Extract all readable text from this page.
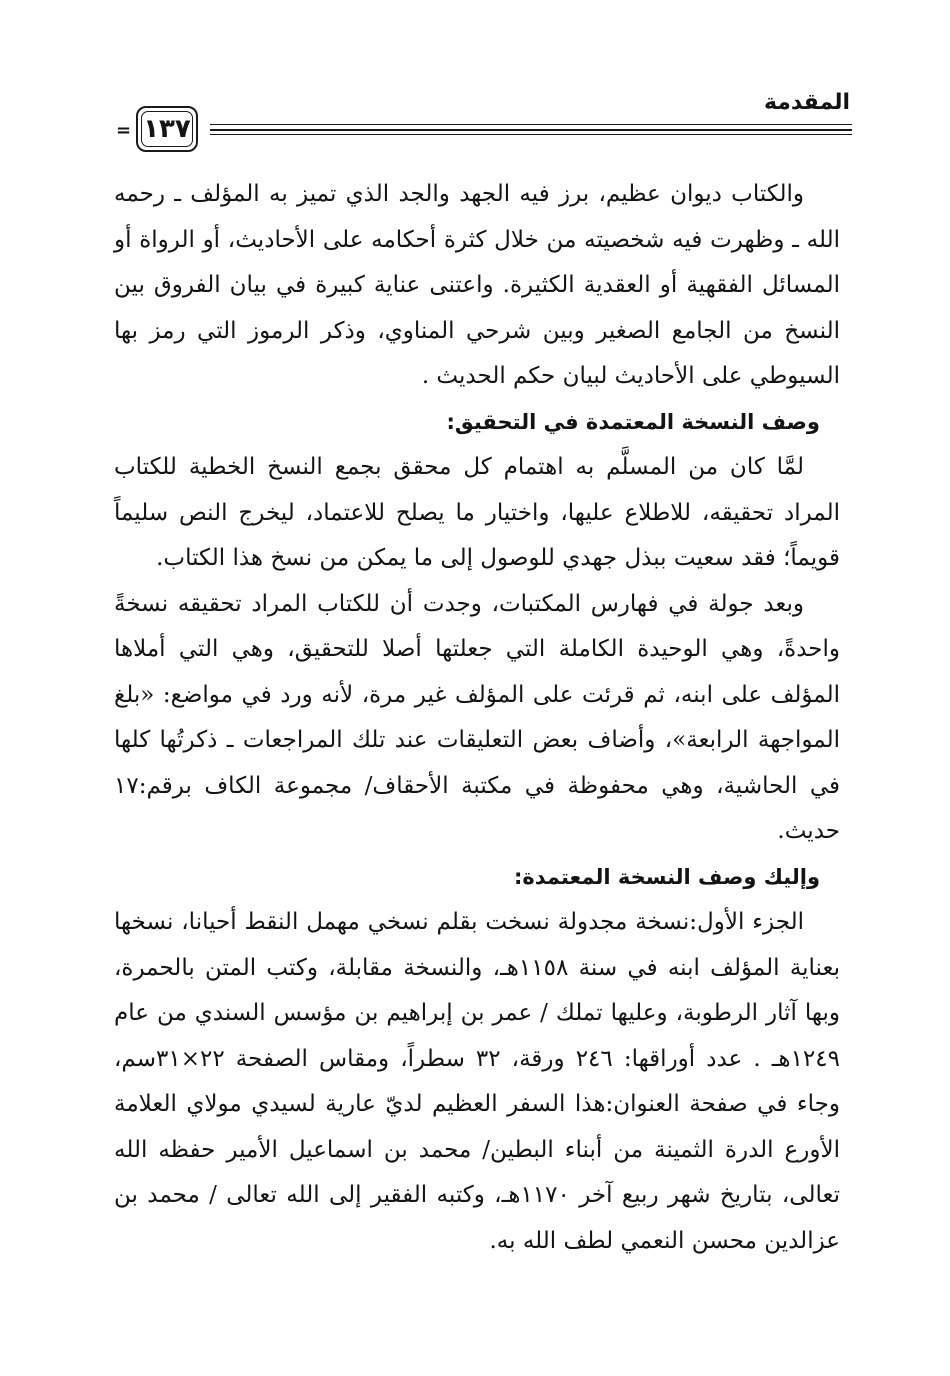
المقدمة
١٣٧
=

والكتاب ديوان عظيم، برز فيه الجهد والجد الذي تميز به المؤلف ـ رحمه الله ـ وظهرت فيه شخصيته من خلال كثرة أحكامه على الأحاديث، أو الرواة أو المسائل الفقهية أو العقدية الكثيرة. واعتنى عناية كبيرة في بيان الفروق بين النسخ من الجامع الصغير وبين شرحي المناوي، وذكر الرموز التي رمز بها السيوطي على الأحاديث لبيان حكم الحديث .

وصف النسخة المعتمدة في التحقيق:

لمَّا كان من المسلَّم به اهتمام كل محقق بجمع النسخ الخطية للكتاب المراد تحقيقه، للاطلاع عليها، واختيار ما يصلح للاعتماد، ليخرج النص سليماً قويماً؛ فقد سعيت ببذل جهدي للوصول إلى ما يمكن من نسخ هذا الكتاب.

وبعد جولة في فهارس المكتبات، وجدت أن للكتاب المراد تحقيقه نسخةً واحدةً، وهي الوحيدة الكاملة التي جعلتها أصلا للتحقيق، وهي التي أملاها المؤلف على ابنه، ثم قرئت على المؤلف غير مرة، لأنه ورد في مواضع: «بلغ المواجهة الرابعة»، وأضاف بعض التعليقات عند تلك المراجعات ـ ذكرتُها كلها في الحاشية، وهي محفوظة في مكتبة الأحقاف/ مجموعة الكاف برقم:١٧ حديث.

وإليك وصف النسخة المعتمدة:

الجزء الأول:نسخة مجدولة نسخت بقلم نسخي مهمل النقط أحيانا، نسخها بعناية المؤلف ابنه في سنة ١١٥٨هـ، والنسخة مقابلة، وكتب المتن بالحمرة، وبها آثار الرطوبة، وعليها تملك / عمر بن إبراهيم بن مؤسس السندي من عام ١٢٤٩هـ . عدد أوراقها: ٢٤٦ ورقة، ٣٢ سطراً، ومقاس الصفحة ٢٢×٣١سم، وجاء في صفحة العنوان:هذا السفر العظيم لديّ عارية لسيدي مولاي العلامة الأورع الدرة الثمينة من أبناء البطين/ محمد بن اسماعيل الأمير حفظه الله تعالى، بتاريخ شهر ربيع آخر ١١٧٠هـ، وكتبه الفقير إلى الله تعالى / محمد بن عزالدين محسن النعمي لطف الله به.
